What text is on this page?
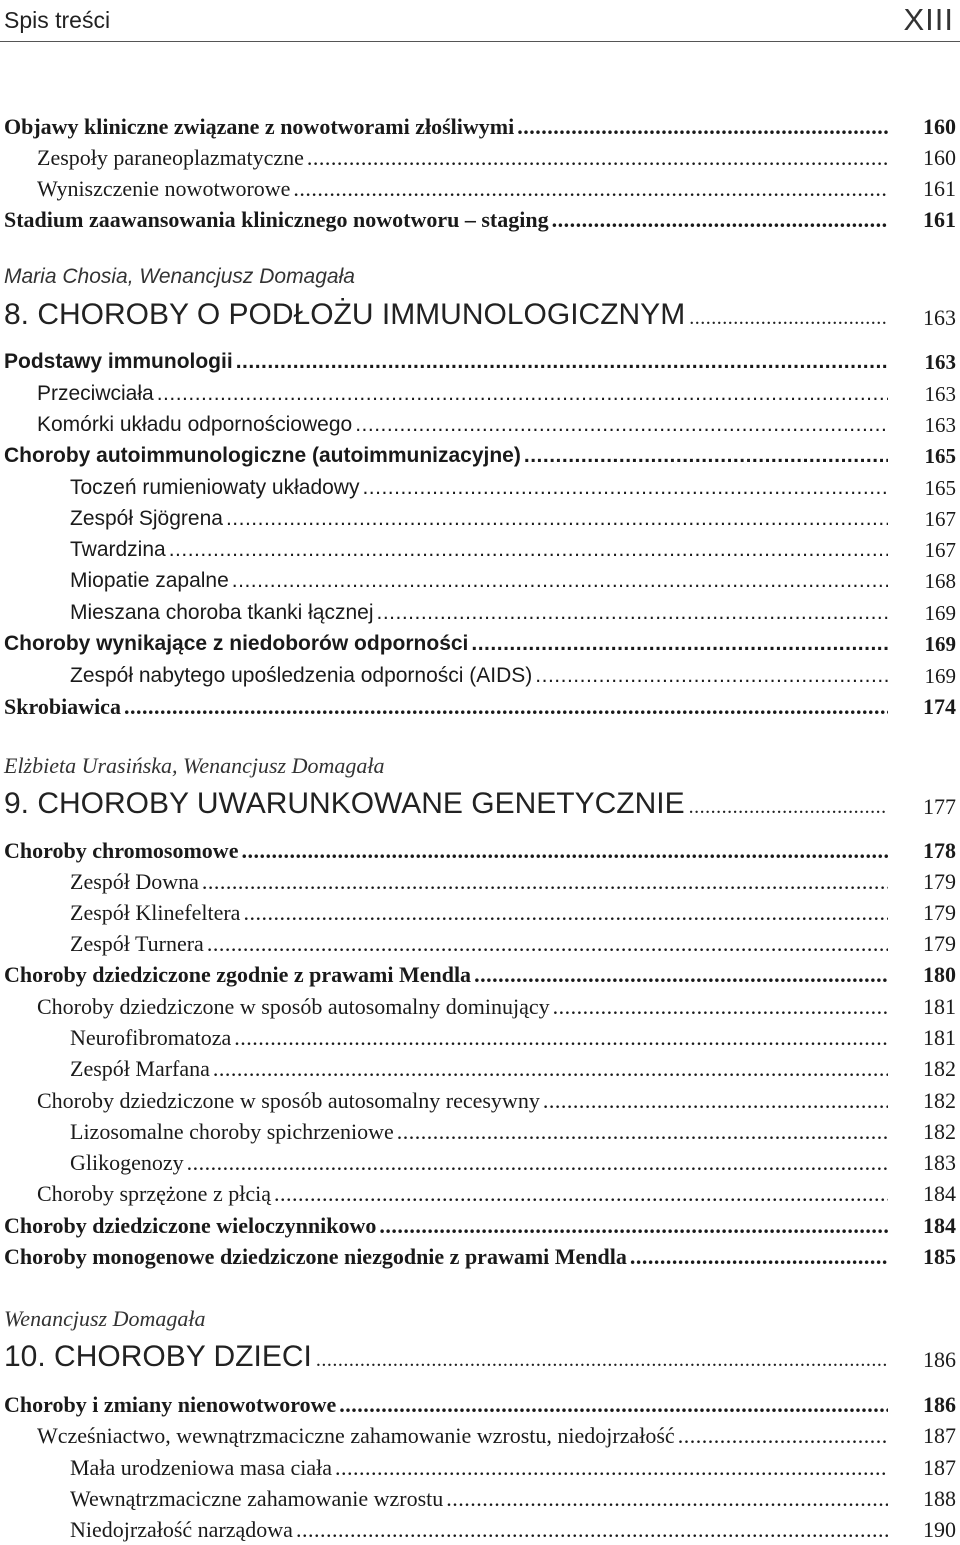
Spis treści	XIII
Objawy kliniczne związane z nowotworami złośliwymi .....	160
Zespoły paraneoplazmatyczne .....	160
Wyniszczenie nowotworowe .....	161
Stadium zaawansowania klinicznego nowotworu – staging .....	161
Maria Chosia, Wenancjusz Domagała
8. CHOROBY O PODŁOŻU IMMUNOLOGICZNYM .....	163
Podstawy immunologii .....	163
Przeciwciała .....	163
Komórki układu odpornościowego .....	163
Choroby autoimmunologiczne (autoimmunizacyjne) .....	165
Toczeń rumieniowaty układowy .....	165
Zespół Sjögrena .....	167
Twardzina .....	167
Miopatie zapalne .....	168
Mieszana choroba tkanki łącznej .....	169
Choroby wynikające z niedoborów odporności .....	169
Zespół nabytego upośledzenia odporności (AIDS) .....	169
Skrobiawica .....	174
Elżbieta Urasińska, Wenancjusz Domagała
9. CHOROBY UWARUNKOWANE GENETYCZNIE .....	177
Choroby chromosomowe .....	178
Zespół Downa .....	179
Zespół Klinefeltera .....	179
Zespół Turnera .....	179
Choroby dziedziczone zgodnie z prawami Mendla .....	180
Choroby dziedziczone w sposób autosomalny dominujący .....	181
Neurofibromatoza .....	181
Zespół Marfana .....	182
Choroby dziedziczone w sposób autosomalny recesywny .....	182
Lizosomalne choroby spichrzeniowe .....	182
Glikogenozy .....	183
Choroby sprzężone z płcią .....	184
Choroby dziedziczone wieloczynnikowo .....	184
Choroby monogenowe dziedziczone niezgodnie z prawami Mendla .....	185
Wenancjusz Domagała
10. CHOROBY DZIECI .....	186
Choroby i zmiany nienowotworowe .....	186
Wcześniactwo, wewnątrzmaciczne zahamowanie wzrostu, niedojrzałość .....	187
Mała urodzeniowa masa ciała .....	187
Wewnątrzmaciczne zahamowanie wzrostu .....	188
Niedojrzałość narządowa .....	190
